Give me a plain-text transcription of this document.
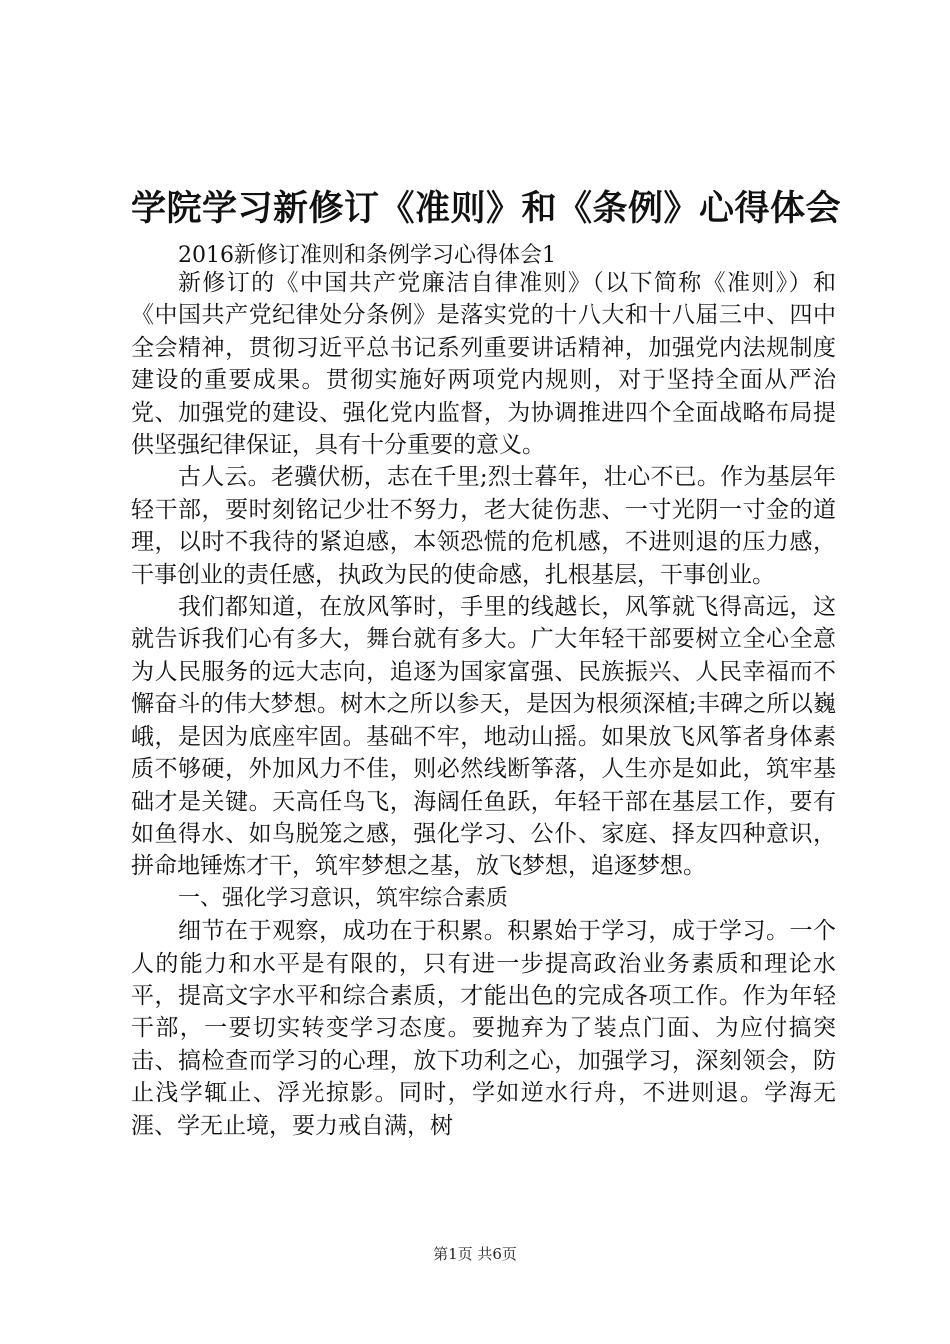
学院学习新修订《准则》和《条例》心得体会
2016新修订准则和条例学习心得体会1

新修订的《中国共产党廉洁自律准则》（以下简称《准则》）和《中国共产党纪律处分条例》是落实党的十八大和十八届三中、四中全会精神，贯彻习近平总书记系列重要讲话精神，加强党内法规制度建设的重要成果。贯彻实施好两项党内规则，对于坚持全面从严治党、加强党的建设、强化党内监督，为协调推进四个全面战略布局提供坚强纪律保证，具有十分重要的意义。

古人云。老骥伏枥，志在千里;烈士暮年，壮心不已。作为基层年轻干部，要时刻铭记少壮不努力，老大徒伤悲、一寸光阴一寸金的道理，以时不我待的紧迫感，本领恐慌的危机感，不进则退的压力感，干事创业的责任感，执政为民的使命感，扎根基层，干事创业。

我们都知道，在放风筝时，手里的线越长，风筝就飞得高远，这就告诉我们心有多大，舞台就有多大。广大年轻干部要树立全心全意为人民服务的远大志向，追逐为国家富强、民族振兴、人民幸福而不懈奋斗的伟大梦想。树木之所以参天，是因为根须深植;丰碑之所以巍峨，是因为底座牢固。基础不牢，地动山摇。如果放飞风筝者身体素质不够硬，外加风力不佳，则必然线断筝落，人生亦是如此，筑牢基础才是关键。天高任鸟飞，海阔任鱼跃，年轻干部在基层工作，要有如鱼得水、如鸟脱笼之感，强化学习、公仆、家庭、择友四种意识，拼命地锤炼才干，筑牢梦想之基，放飞梦想，追逐梦想。

一、强化学习意识，筑牢综合素质

细节在于观察，成功在于积累。积累始于学习，成于学习。一个人的能力和水平是有限的，只有进一步提高政治业务素质和理论水平，提高文字水平和综合素质，才能出色的完成各项工作。作为年轻干部，一要切实转变学习态度。要抛弃为了装点门面、为应付搞突击、搞检查而学习的心理，放下功利之心，加强学习，深刻领会，防止浅学辄止、浮光掠影。同时，学如逆水行舟，不进则退。学海无涯、学无止境，要力戒自满，树

第1页 共6页
